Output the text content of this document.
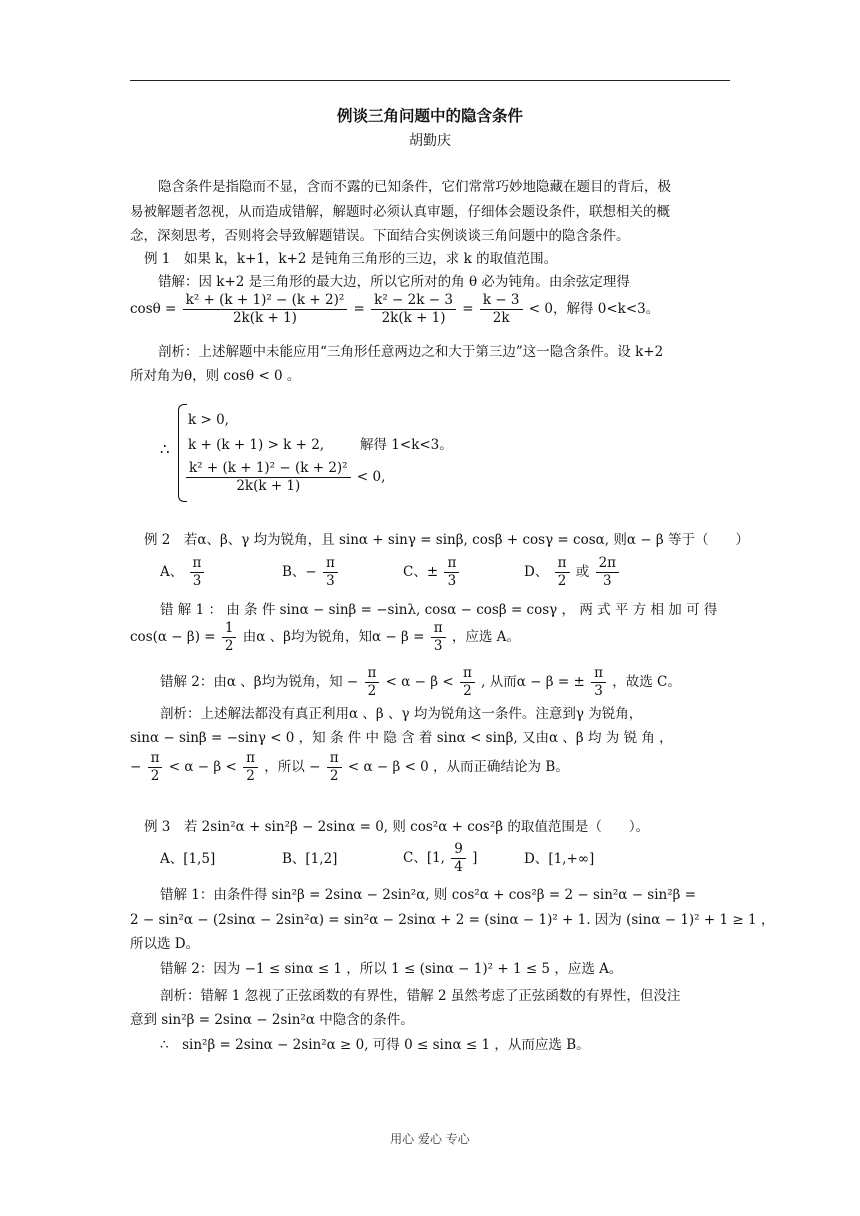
例谈三角问题中的隐含条件
胡勤庆
隐含条件是指隐而不显，含而不露的已知条件，它们常常巧妙地隐藏在题目的背后，极
易被解题者忽视，从而造成错解，解题时必须认真审题，仔细体会题设条件，联想相关的概
念，深刻思考，否则将会导致解题错误。下面结合实例谈谈三角问题中的隐含条件。
例 1　如果 k，k+1，k+2 是钝角三角形的三边，求 k 的取值范围。
错解：因 k+2 是三角形的最大边，所以它所对的角 θ 必为钝角。由余弦定理得
$\cos\theta = \frac{\text{k² + (k + 1)² − (k + 2)²}}{2k(k + 1)} = \frac{\text{k² − 2k − 3}}{2k(k + 1)} = \frac{k - 3}{2k} < 0$，解得 0<k<3。
剖析：上述解题中未能应用“三角形任意两边之和大于第三边”这一隐含条件。设 k+2
所对角为θ，则 cosθ < 0 。
∴
k > 0,
k + (k + 1) > k + 2,	解得 1<k<3。
$\frac{\text{k² + (k + 1)² − (k + 2)²}}{2k(k + 1)} < 0$,
例 2　若α、β、γ 均为锐角，且 sinα + sinγ = sinβ, cosβ + cosγ = cosα, 则α − β 等于（　　）
A、 $\frac{\pi}{3}$	B、− $\frac{\pi}{3}$	C、± $\frac{\pi}{3}$	D、 $\frac{\pi}{2}$ 或 $\frac{2\pi}{3}$
错 解 1 ： 由 条 件 sinα − sinβ = −sinλ, cosα − cosβ = cosγ ， 两 式 平 方 相 加 可 得
$\cos(\alpha - \beta) = \frac{1}{2}$ 由α 、β均为锐角，知$\alpha - \beta = \frac{\pi}{3}$ ，应选 A。
错解 2：由α 、β均为锐角，知 − $\frac{\pi}{2} < \alpha - \beta < \frac{\pi}{2}$ , 从而α − β = ± $\frac{\pi}{3}$ ，故选 C。
剖析：上述解法都没有真正利用α 、β 、γ 均为锐角这一条件。注意到γ 为锐角，
sinα − sinβ = −sinγ < 0 ，知 条 件 中 隐 含 着 sinα < sinβ, 又由α 、β 均 为 锐 角 ，
− $\frac{\pi}{2} < \alpha - \beta < \frac{\pi}{2}$ ，所以 − $\frac{\pi}{2} < \alpha - \beta < 0$ ，从而正确结论为 B。
例 3　若 2sin²α + sin²β − 2sinα = 0, 则 cos²α + cos²β 的取值范围是（　　）。
A、[1,5]	B、[1,2]	C、[1, $\frac{9}{4}$ ]	D、[1,+∞]
错解 1：由条件得 sin²β = 2sinα − 2sin²α, 则 cos²α + cos²β = 2 − sin²α − sin²β =
2 − sin²α − (2sinα − 2sin²α) = sin²α − 2sinα + 2 = (sinα − 1)² + 1. 因为 (sinα − 1)² + 1 ≥ 1 ，
所以选 D。
错解 2：因为 −1 ≤ sinα ≤ 1 ，所以 1 ≤ (sinα − 1)² + 1 ≤ 5 ，应选 A。
剖析：错解 1 忽视了正弦函数的有界性，错解 2 虽然考虑了正弦函数的有界性，但没注
意到 sin²β = 2sinα − 2sin²α 中隐含的条件。
∴　sin²β = 2sinα − 2sin²α ≥ 0, 可得 0 ≤ sinα ≤ 1 ，从而应选 B。
用心 爱心 专心
